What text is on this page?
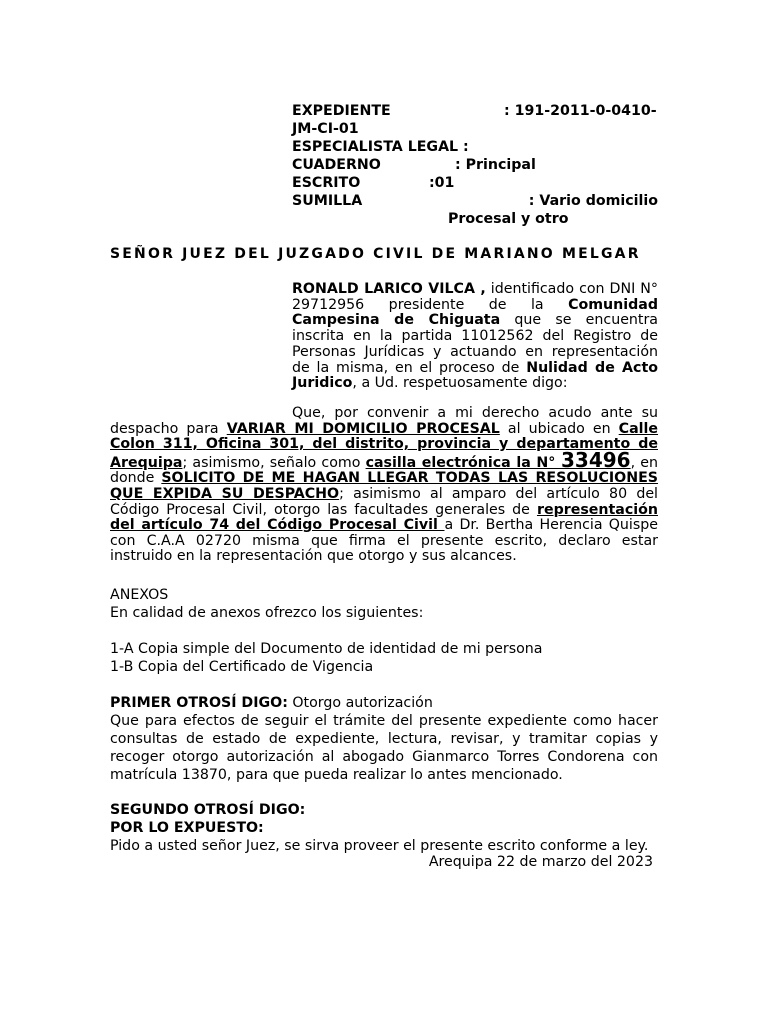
EXPEDIENTE	: 191-2011-0-0410-
JM-CI-01
ESPECIALISTA LEGAL :
CUADERNO	: Principal
ESCRITO	:01
SUMILLA	: Vario domicilio
Procesal y otro
SEÑOR JUEZ DEL JUZGADO CIVIL DE MARIANO MELGAR
RONALD LARICO VILCA , identificado con DNI N° 29712956 presidente de la Comunidad Campesina de Chiguata que se encuentra inscrita en la partida 11012562 del Registro de Personas Jurídicas y actuando en representación de la misma, en el proceso de Nulidad de Acto Juridico, a Ud. respetuosamente digo:
Que, por convenir a mi derecho acudo ante su despacho para VARIAR MI DOMICILIO PROCESAL al ubicado en Calle Colon 311, Oficina 301, del distrito, provincia y departamento de Arequipa; asimismo, señalo como casilla electrónica la N° 33496, en donde SOLICITO DE ME HAGAN LLEGAR TODAS LAS RESOLUCIONES QUE EXPIDA SU DESPACHO; asimismo al amparo del artículo 80 del Código Procesal Civil, otorgo las facultades generales de representación del artículo 74 del Código Procesal Civil a Dr. Bertha Herencia Quispe con C.A.A 02720 misma que firma el presente escrito, declaro estar instruido en la representación que otorgo y sus alcances.
ANEXOS
En calidad de anexos ofrezco los siguientes:
1-A Copia simple del Documento de identidad de mi persona
1-B Copia del Certificado de Vigencia
PRIMER OTROSÍ DIGO: Otorgo autorización
Que para efectos de seguir el trámite del presente expediente como hacer consultas de estado de expediente, lectura, revisar, y tramitar copias y recoger otorgo autorización al abogado Gianmarco Torres Condorena con matrícula 13870, para que pueda realizar lo antes mencionado.
SEGUNDO OTROSÍ DIGO:
POR LO EXPUESTO:
Pido a usted señor Juez, se sirva proveer el presente escrito conforme a ley.
Arequipa 22 de marzo del 2023
